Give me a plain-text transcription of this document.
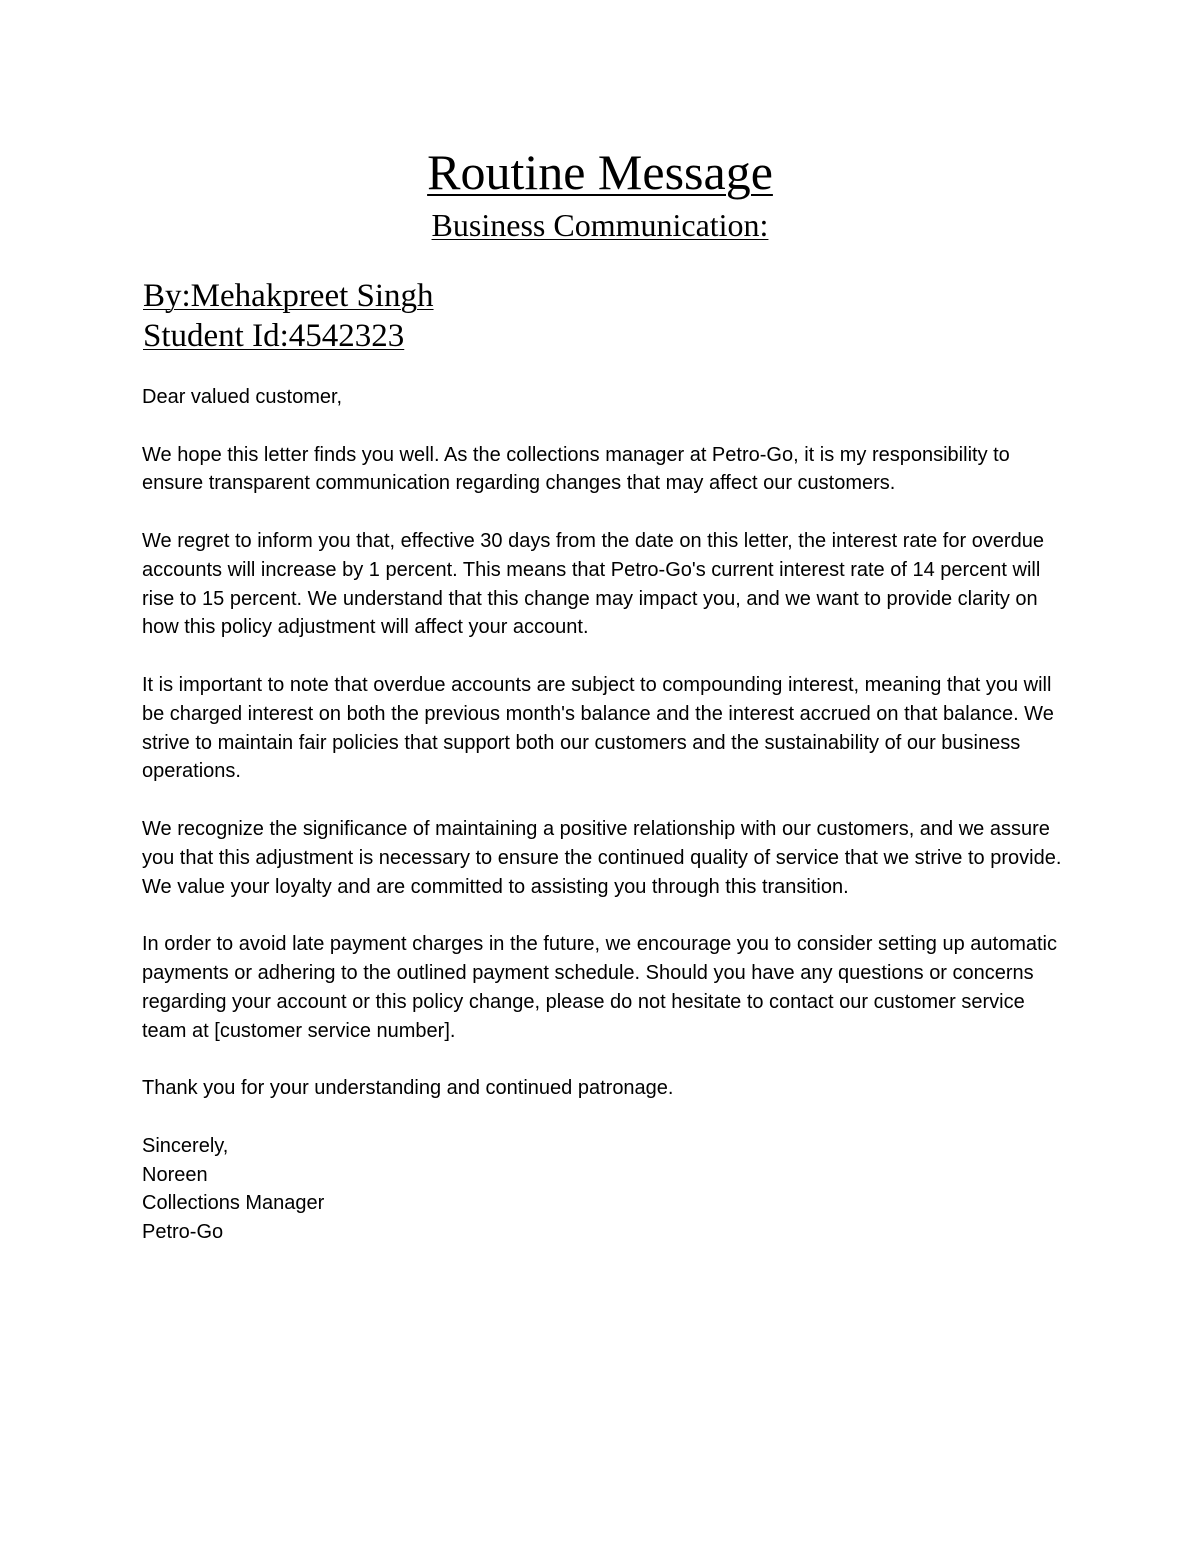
Routine Message
Business Communication:
By:Mehakpreet Singh
Student Id:4542323

Dear valued customer,

We hope this letter finds you well. As the collections manager at Petro-Go, it is my responsibility to ensure transparent communication regarding changes that may affect our customers.

We regret to inform you that, effective 30 days from the date on this letter, the interest rate for overdue accounts will increase by 1 percent. This means that Petro-Go's current interest rate of 14 percent will rise to 15 percent. We understand that this change may impact you, and we want to provide clarity on how this policy adjustment will affect your account.

It is important to note that overdue accounts are subject to compounding interest, meaning that you will be charged interest on both the previous month's balance and the interest accrued on that balance. We strive to maintain fair policies that support both our customers and the sustainability of our business operations.

We recognize the significance of maintaining a positive relationship with our customers, and we assure you that this adjustment is necessary to ensure the continued quality of service that we strive to provide. We value your loyalty and are committed to assisting you through this transition.

In order to avoid late payment charges in the future, we encourage you to consider setting up automatic payments or adhering to the outlined payment schedule. Should you have any questions or concerns regarding your account or this policy change, please do not hesitate to contact our customer service team at [customer service number].

Thank you for your understanding and continued patronage.

Sincerely,
Noreen
Collections Manager
Petro-Go
